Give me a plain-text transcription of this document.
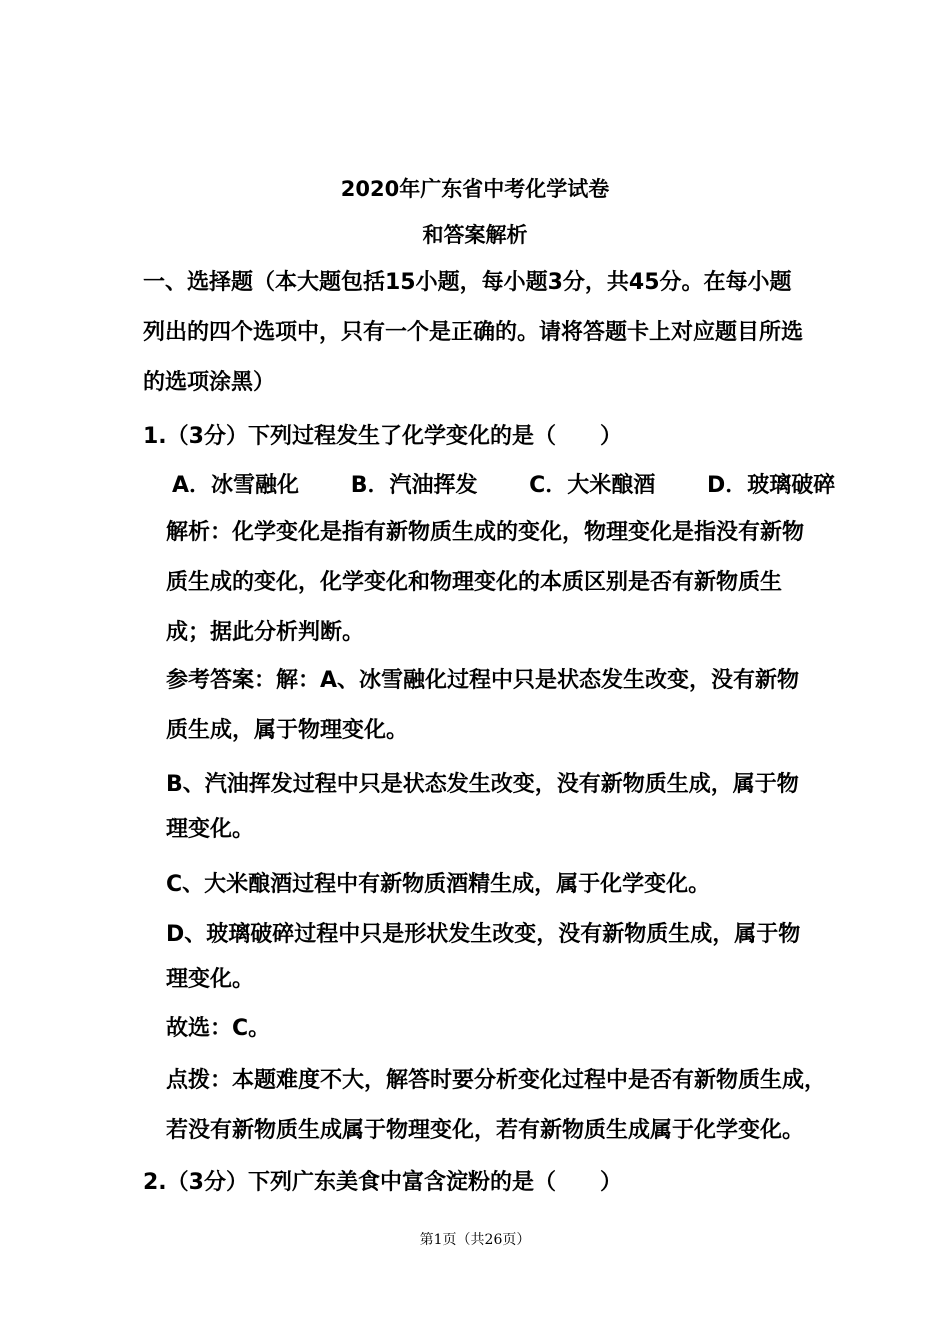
2020年广东省中考化学试卷
和答案解析
一、选择题（本大题包括15小题，每小题3分，共45分。在每小题
列出的四个选项中，只有一个是正确的。请将答题卡上对应题目所选
的选项涂黑）
1.（3分）下列过程发生了化学变化的是（　　）
A．冰雪融化 B．汽油挥发 C．大米酿酒 D．玻璃破碎
解析：化学变化是指有新物质生成的变化，物理变化是指没有新物
质生成的变化，化学变化和物理变化的本质区别是否有新物质生
成；据此分析判断。
参考答案：解：A、冰雪融化过程中只是状态发生改变，没有新物
质生成，属于物理变化。
B、汽油挥发过程中只是状态发生改变，没有新物质生成，属于物
理变化。
C、大米酿酒过程中有新物质酒精生成，属于化学变化。
D、玻璃破碎过程中只是形状发生改变，没有新物质生成，属于物
理变化。
故选：C。
点拨：本题难度不大，解答时要分析变化过程中是否有新物质生成，
若没有新物质生成属于物理变化，若有新物质生成属于化学变化。
2.（3分）下列广东美食中富含淀粉的是（　　）
第1页（共26页）
